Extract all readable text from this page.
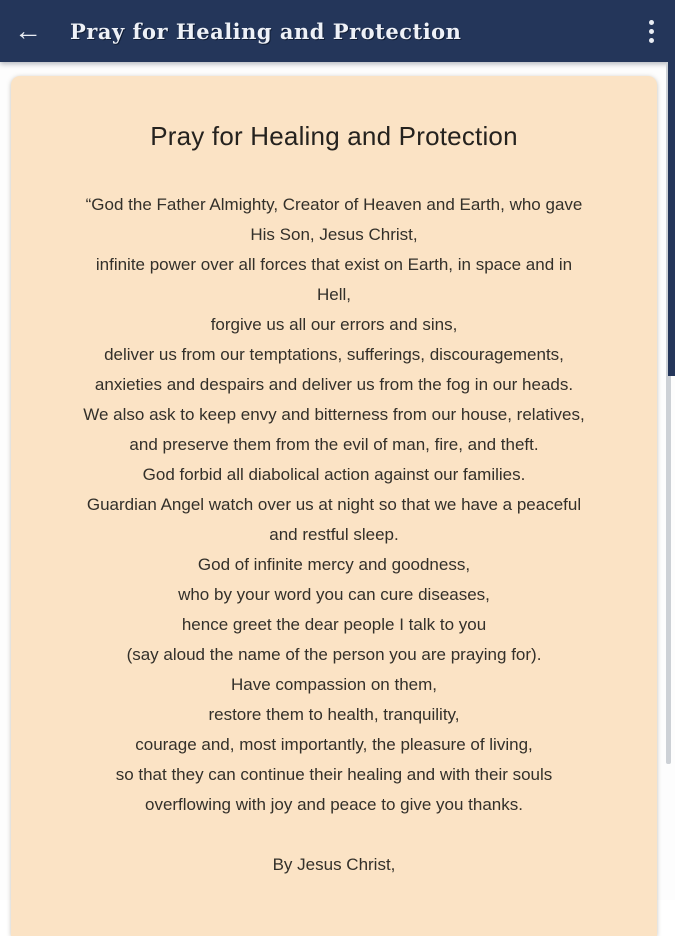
← Pray for Healing and Protection
Pray for Healing and Protection
“God the Father Almighty, Creator of Heaven and Earth, who gave
His Son, Jesus Christ,
infinite power over all forces that exist on Earth, in space and in
Hell,
forgive us all our errors and sins,
deliver us from our temptations, sufferings, discouragements,
anxieties and despairs and deliver us from the fog in our heads.
We also ask to keep envy and bitterness from our house, relatives,
and preserve them from the evil of man, fire, and theft.
God forbid all diabolical action against our families.
Guardian Angel watch over us at night so that we have a peaceful
and restful sleep.
God of infinite mercy and goodness,
who by your word you can cure diseases,
hence greet the dear people I talk to you
(say aloud the name of the person you are praying for).
Have compassion on them,
restore them to health, tranquility,
courage and, most importantly, the pleasure of living,
so that they can continue their healing and with their souls
overflowing with joy and peace to give you thanks.
By Jesus Christ,
